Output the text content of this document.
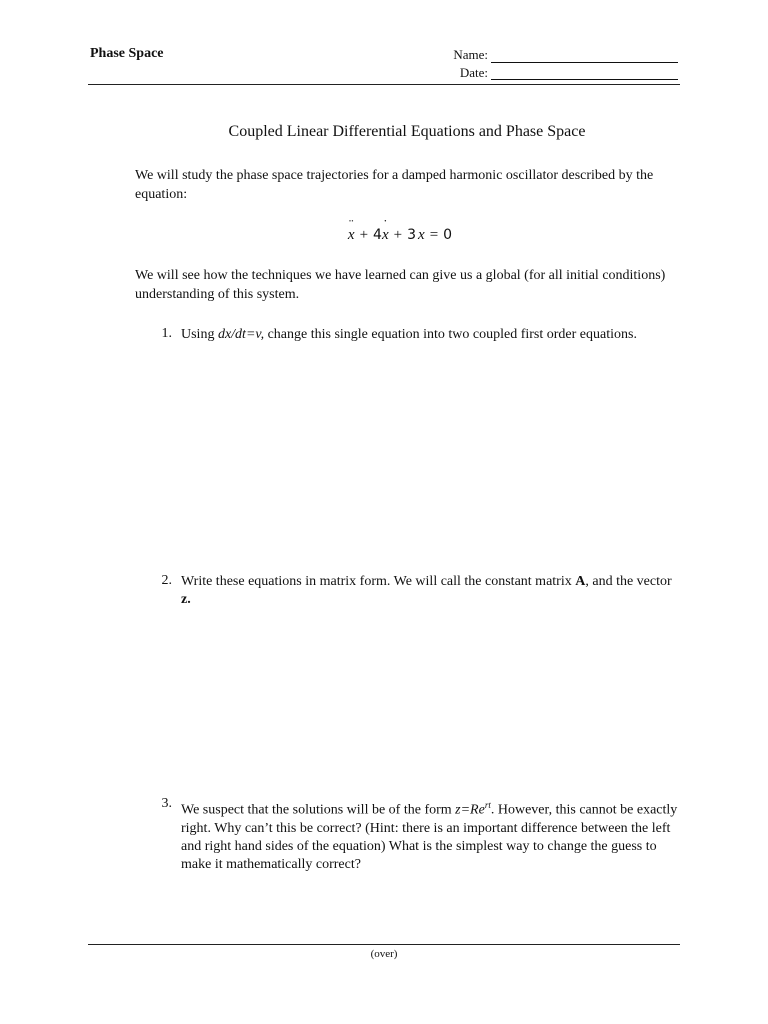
Phase Space	Name:
Date:
Coupled Linear Differential Equations and Phase Space
We will study the phase space trajectories for a damped harmonic oscillator described by the equation:
¨ x + 4˙ x + 3 x = 0
We will see how the techniques we have learned can give us a global (for all initial conditions) understanding of this system.
1. Using dx/dt=v, change this single equation into two coupled first order equations.
2. Write these equations in matrix form. We will call the constant matrix A, and the vector z.
3. We suspect that the solutions will be of the form $z=Re^{rt}$. However, this cannot be exactly right. Why can’t this be correct? (Hint: there is an important difference between the left and right hand sides of the equation) What is the simplest way to change the guess to make it mathematically correct?
(over)
